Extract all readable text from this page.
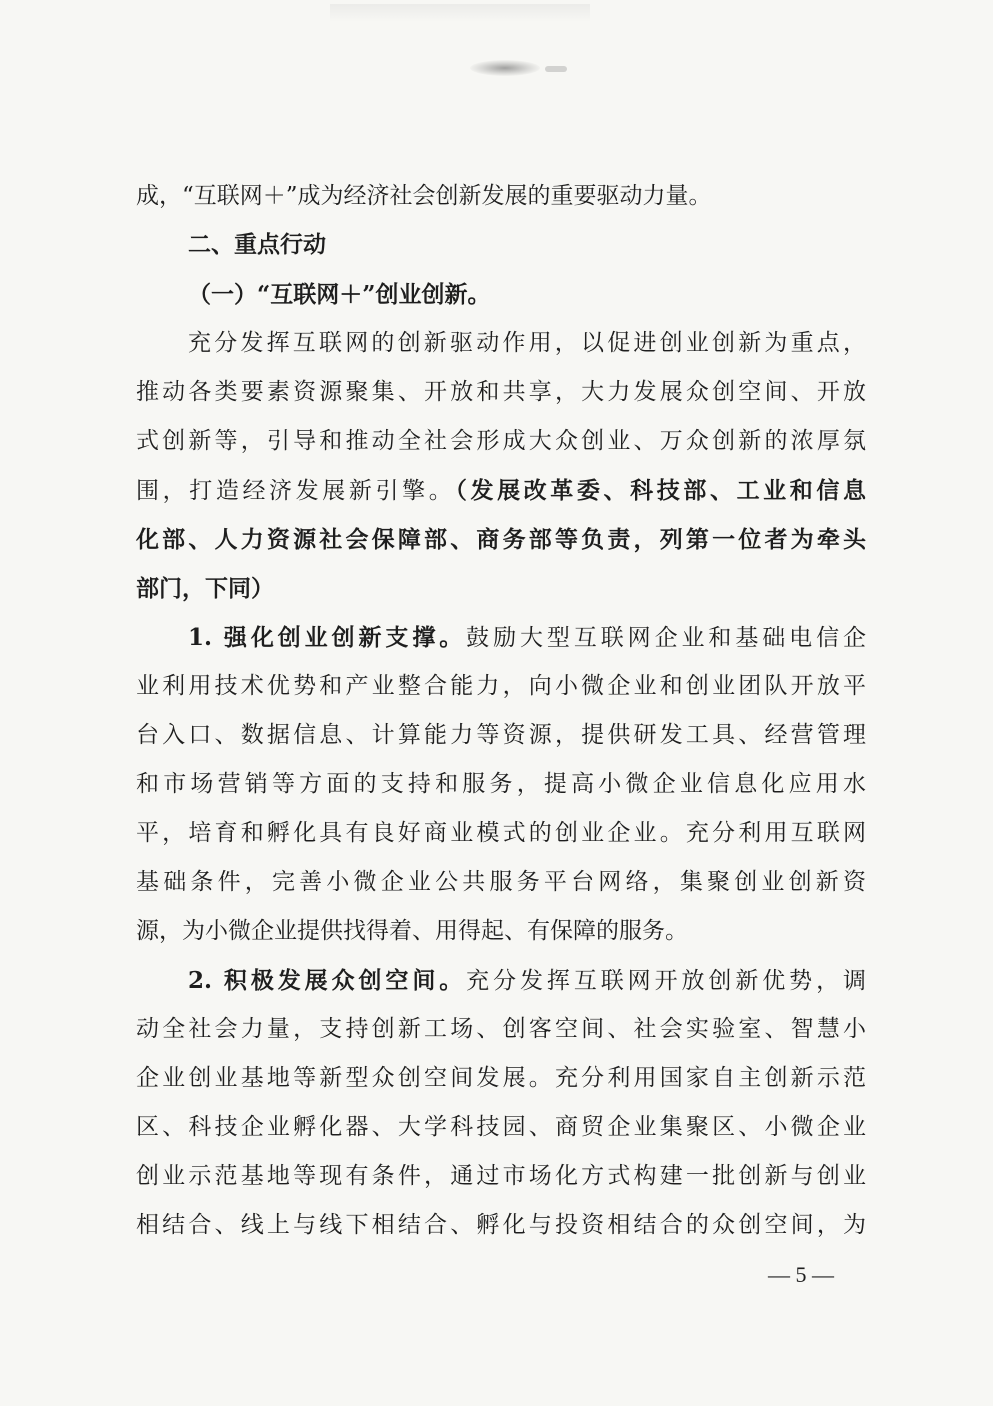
成，“互联网＋”成为经济社会创新发展的重要驱动力量。
二、重点行动
（一）“互联网＋”创业创新。
充分发挥互联网的创新驱动作用，以促进创业创新为重点，
推动各类要素资源聚集、开放和共享，大力发展众创空间、开放
式创新等，引导和推动全社会形成大众创业、万众创新的浓厚氛
围，打造经济发展新引擎。（发展改革委、科技部、工业和信息
化部、人力资源社会保障部、商务部等负责，列第一位者为牵头
部门，下同）
1. 强化创业创新支撑。鼓励大型互联网企业和基础电信企
业利用技术优势和产业整合能力，向小微企业和创业团队开放平
台入口、数据信息、计算能力等资源，提供研发工具、经营管理
和市场营销等方面的支持和服务，提高小微企业信息化应用水
平，培育和孵化具有良好商业模式的创业企业。充分利用互联网
基础条件，完善小微企业公共服务平台网络，集聚创业创新资
源，为小微企业提供找得着、用得起、有保障的服务。
2. 积极发展众创空间。充分发挥互联网开放创新优势，调
动全社会力量，支持创新工场、创客空间、社会实验室、智慧小
企业创业基地等新型众创空间发展。充分利用国家自主创新示范
区、科技企业孵化器、大学科技园、商贸企业集聚区、小微企业
创业示范基地等现有条件，通过市场化方式构建一批创新与创业
相结合、线上与线下相结合、孵化与投资相结合的众创空间，为
— 5 —
